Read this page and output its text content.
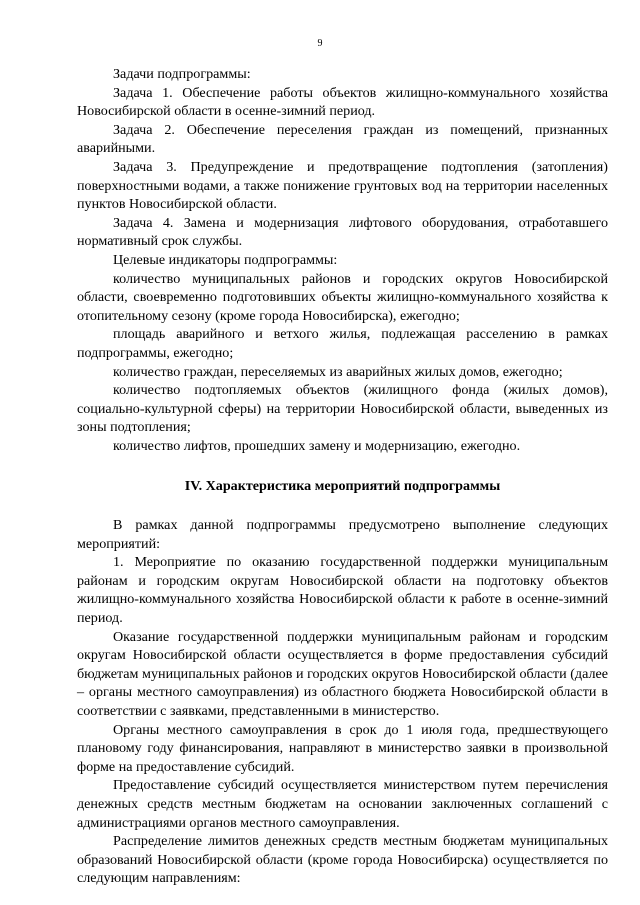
9

Задачи подпрограммы:

Задача 1. Обеспечение работы объектов жилищно-коммунального хозяйства Новосибирской области в осенне-зимний период.

Задача 2. Обеспечение переселения граждан из помещений, признанных аварийными.

Задача 3. Предупреждение и предотвращение подтопления (затопления) поверхностными водами, а также понижение грунтовых вод на территории населенных пунктов Новосибирской области.

Задача 4. Замена и модернизация лифтового оборудования, отработавшего нормативный срок службы.

Целевые индикаторы подпрограммы:

количество муниципальных районов и городских округов Новосибирской области, своевременно подготовивших объекты жилищно-коммунального хозяйства к отопительному сезону (кроме города Новосибирска), ежегодно;

площадь аварийного и ветхого жилья, подлежащая расселению в рамках подпрограммы, ежегодно;

количество граждан, переселяемых из аварийных жилых домов, ежегодно;

количество подтопляемых объектов (жилищного фонда (жилых домов), социально-культурной сферы) на территории Новосибирской области, выведенных из зоны подтопления;

количество лифтов, прошедших замену и модернизацию, ежегодно.

IV. Характеристика мероприятий подпрограммы

В рамках данной подпрограммы предусмотрено выполнение следующих мероприятий:

1. Мероприятие по оказанию государственной поддержки муниципальным районам и городским округам Новосибирской области на подготовку объектов жилищно-коммунального хозяйства Новосибирской области к работе в осенне-зимний период.

Оказание государственной поддержки муниципальным районам и городским округам Новосибирской области осуществляется в форме предоставления субсидий бюджетам муниципальных районов и городских округов Новосибирской области (далее – органы местного самоуправления) из областного бюджета Новосибирской области в соответствии с заявками, представленными в министерство.

Органы местного самоуправления в срок до 1 июля года, предшествующего плановому году финансирования, направляют в министерство заявки в произвольной форме на предоставление субсидий.

Предоставление субсидий осуществляется министерством путем перечисления денежных средств местным бюджетам на основании заключенных соглашений с администрациями органов местного самоуправления.

Распределение лимитов денежных средств местным бюджетам муниципальных образований Новосибирской области (кроме города Новосибирска) осуществляется по следующим направлениям:
